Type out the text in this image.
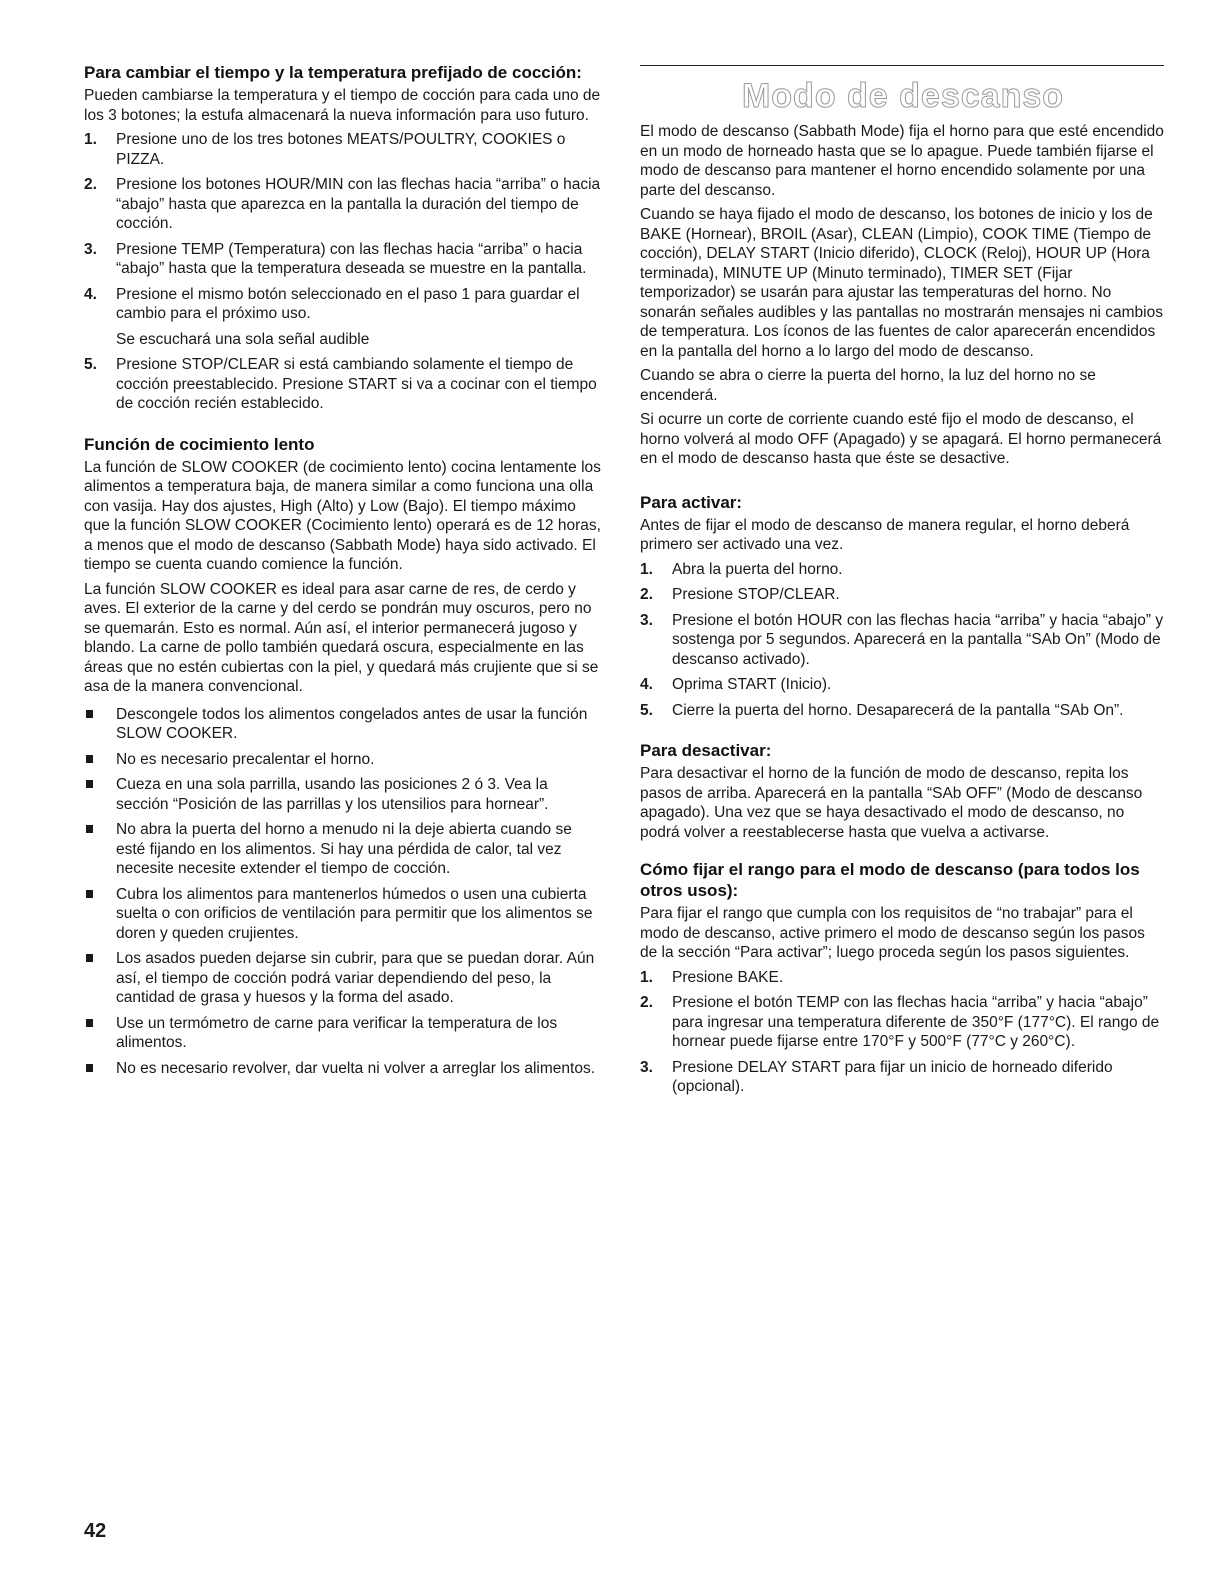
Para cambiar el tiempo y la temperatura prefijado de cocción:

Pueden cambiarse la temperatura y el tiempo de cocción para cada uno de los 3 botones; la estufa almacenará la nueva información para uso futuro.

1. Presione uno de los tres botones MEATS/POULTRY, COOKIES o PIZZA.
2. Presione los botones HOUR/MIN con las flechas hacia “arriba” o hacia “abajo” hasta que aparezca en la pantalla la duración del tiempo de cocción.
3. Presione TEMP (Temperatura) con las flechas hacia “arriba” o hacia “abajo” hasta que la temperatura deseada se muestre en la pantalla.
4. Presione el mismo botón seleccionado en el paso 1 para guardar el cambio para el próximo uso.
Se escuchará una sola señal audible
5. Presione STOP/CLEAR si está cambiando solamente el tiempo de cocción preestablecido. Presione START si va a cocinar con el tiempo de cocción recién establecido.
Función de cocimiento lento

La función de SLOW COOKER (de cocimiento lento) cocina lentamente los alimentos a temperatura baja, de manera similar a como funciona una olla con vasija. Hay dos ajustes, High (Alto) y Low (Bajo). El tiempo máximo que la función SLOW COOKER (Cocimiento lento) operará es de 12 horas, a menos que el modo de descanso (Sabbath Mode) haya sido activado. El tiempo se cuenta cuando comience la función.

La función SLOW COOKER es ideal para asar carne de res, de cerdo y aves. El exterior de la carne y del cerdo se pondrán muy oscuros, pero no se quemarán. Esto es normal. Aún así, el interior permanecerá jugoso y blando. La carne de pollo también quedará oscura, especialmente en las áreas que no estén cubiertas con la piel, y quedará más crujiente que si se asa de la manera convencional.

Descongele todos los alimentos congelados antes de usar la función SLOW COOKER.
No es necesario precalentar el horno.
Cueza en una sola parrilla, usando las posiciones 2 ó 3. Vea la sección “Posición de las parrillas y los utensilios para hornear”.
No abra la puerta del horno a menudo ni la deje abierta cuando se esté fijando en los alimentos. Si hay una pérdida de calor, tal vez necesite necesite extender el tiempo de cocción.
Cubra los alimentos para mantenerlos húmedos o usen una cubierta suelta o con orificios de ventilación para permitir que los alimentos se doren y queden crujientes.
Los asados pueden dejarse sin cubrir, para que se puedan dorar. Aún así, el tiempo de cocción podrá variar dependiendo del peso, la cantidad de grasa y huesos y la forma del asado.
Use un termómetro de carne para verificar la temperatura de los alimentos.
No es necesario revolver, dar vuelta ni volver a arreglar los alimentos.
Modo de descanso

El modo de descanso (Sabbath Mode) fija el horno para que esté encendido en un modo de horneado hasta que se lo apague. Puede también fijarse el modo de descanso para mantener el horno encendido solamente por una parte del descanso.

Cuando se haya fijado el modo de descanso, los botones de inicio y los de BAKE (Hornear), BROIL (Asar), CLEAN (Limpio), COOK TIME (Tiempo de cocción), DELAY START (Inicio diferido), CLOCK (Reloj), HOUR UP (Hora terminada), MINUTE UP (Minuto terminado), TIMER SET (Fijar temporizador) se usarán para ajustar las temperaturas del horno. No sonarán señales audibles y las pantallas no mostrarán mensajes ni cambios de temperatura. Los íconos de las fuentes de calor aparecerán encendidos en la pantalla del horno a lo largo del modo de descanso.

Cuando se abra o cierre la puerta del horno, la luz del horno no se encenderá.

Si ocurre un corte de corriente cuando esté fijo el modo de descanso, el horno volverá al modo OFF (Apagado) y se apagará. El horno permanecerá en el modo de descanso hasta que éste se desactive.

Para activar:

Antes de fijar el modo de descanso de manera regular, el horno deberá primero ser activado una vez.

1. Abra la puerta del horno.
2. Presione STOP/CLEAR.
3. Presione el botón HOUR con las flechas hacia “arriba” y hacia “abajo” y sostenga por 5 segundos. Aparecerá en la pantalla “SAb On” (Modo de descanso activado).
4. Oprima START (Inicio).
5. Cierre la puerta del horno. Desaparecerá de la pantalla “SAb On”.
Para desactivar:

Para desactivar el horno de la función de modo de descanso, repita los pasos de arriba. Aparecerá en la pantalla “SAb OFF” (Modo de descanso apagado). Una vez que se haya desactivado el modo de descanso, no podrá volver a reestablecerse hasta que vuelva a activarse.

Cómo fijar el rango para el modo de descanso (para todos los otros usos):

Para fijar el rango que cumpla con los requisitos de “no trabajar” para el modo de descanso, active primero el modo de descanso según los pasos de la sección “Para activar”; luego proceda según los pasos siguientes.

1. Presione BAKE.
2. Presione el botón TEMP con las flechas hacia “arriba” y hacia “abajo” para ingresar una temperatura diferente de 350°F (177°C). El rango de hornear puede fijarse entre 170°F y 500°F (77°C y 260°C).
3. Presione DELAY START para fijar un inicio de horneado diferido (opcional).
42
